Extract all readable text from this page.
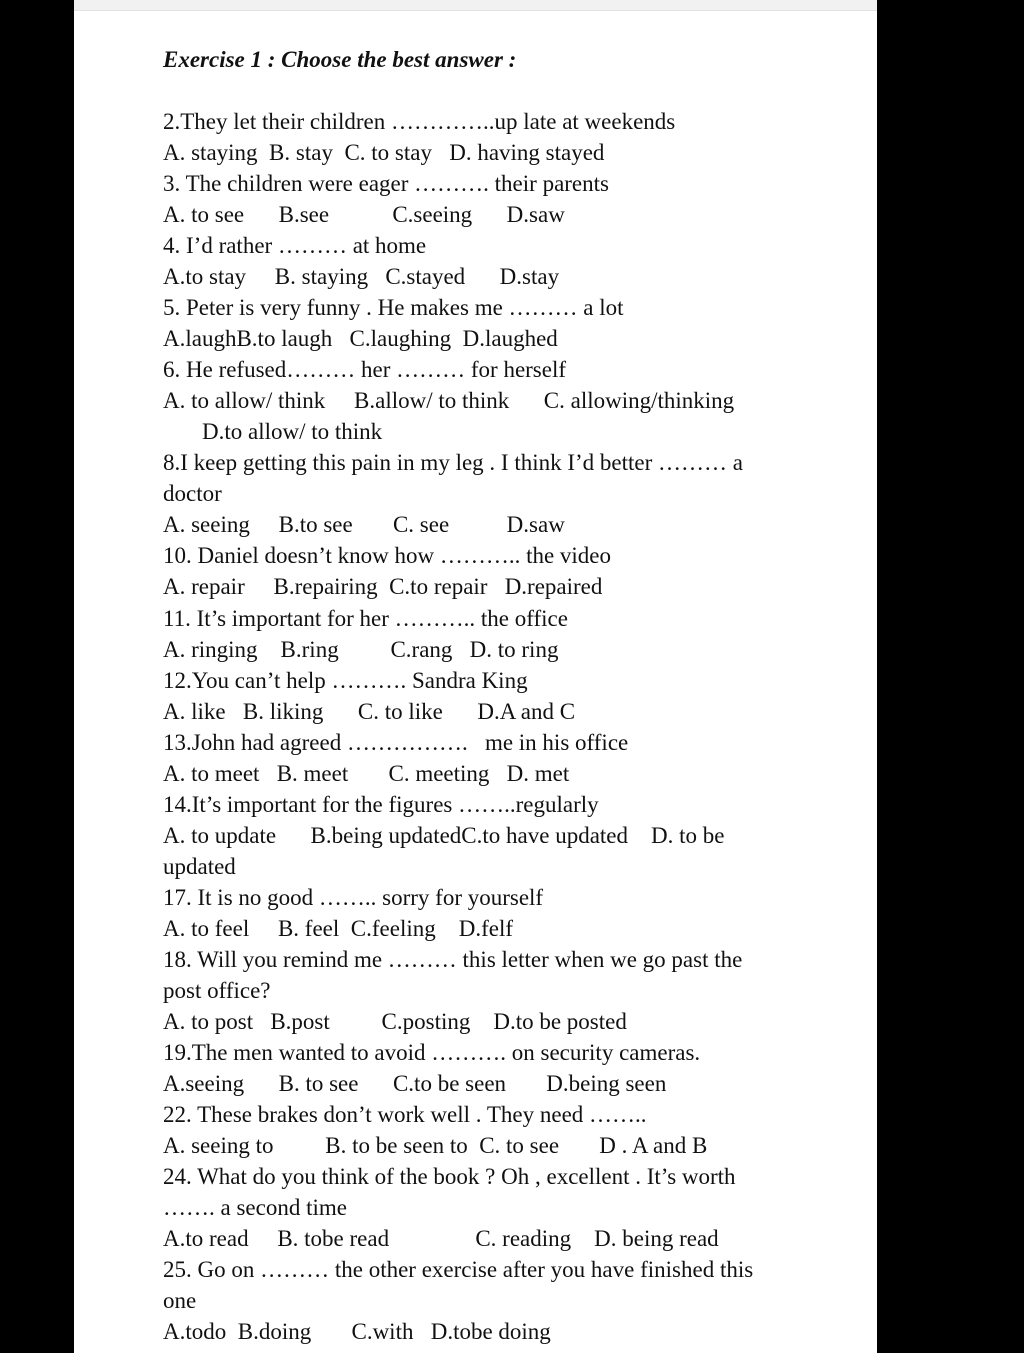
Exercise 1 : Choose the best answer :
2.They let their children …………..up late at weekends
A. staying  B. stay  C. to stay   D. having stayed
3. The children were eager ………. their parents
A. to see      B.see           C.seeing      D.saw
4. I’d rather ……… at home
A.to stay     B. staying   C.stayed      D.stay
5. Peter is very funny . He makes me ……… a lot
A.laughB.to laugh   C.laughing  D.laughed
6. He refused……… her ……… for herself
A. to allow/ think     B.allow/ to think      C. allowing/thinking
D.to allow/ to think
8.I keep getting this pain in my leg . I think I’d better ……… a
doctor
A. seeing     B.to see       C. see          D.saw
10. Daniel doesn’t know how ……….. the video
A. repair     B.repairing  C.to repair   D.repaired
11. It’s important for her ……….. the office
A. ringing    B.ring         C.rang   D. to ring
12.You can’t help ………. Sandra King
A. like   B. liking      C. to like      D.A and C
13.John had agreed …………….   me in his office
A. to meet   B. meet       C. meeting   D. met
14.It’s important for the figures ……..regularly
A. to update      B.being updatedC.to have updated    D. to be
updated
17. It is no good …….. sorry for yourself
A. to feel     B. feel  C.feeling    D.felf
18. Will you remind me ……… this letter when we go past the
post office?
A. to post   B.post         C.posting    D.to be posted
19.The men wanted to avoid ………. on security cameras.
A.seeing      B. to see      C.to be seen       D.being seen
22. These brakes don’t work well . They need ……..
A. seeing to         B. to be seen to  C. to see       D . A and B
24. What do you think of the book ? Oh , excellent . It’s worth
……. a second time
A.to read     B. tobe read               C. reading    D. being read
25. Go on ……… the other exercise after you have finished this
one
A.todo  B.doing       C.with   D.tobe doing
